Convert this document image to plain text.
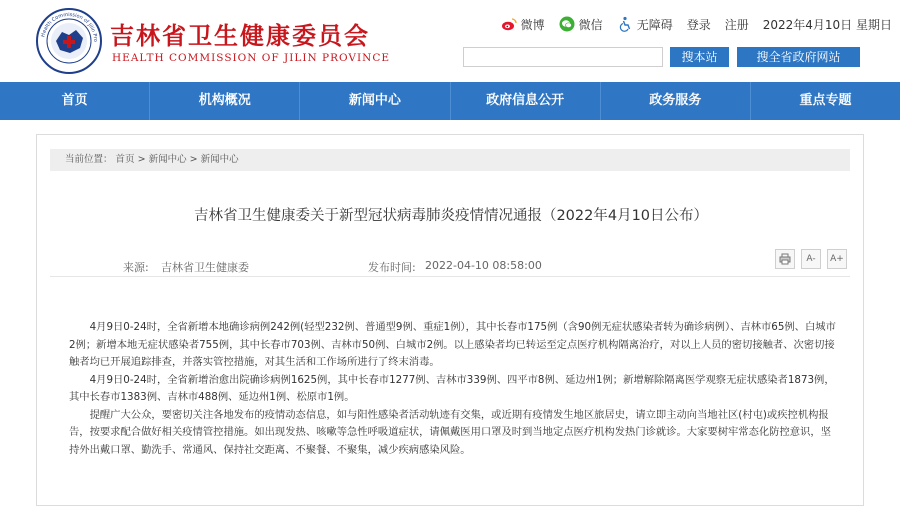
Health Commission of Jilin Pro 吉林省卫生健康委员会
HEALTH COMMISSION OF JILIN PROVINCE
微博	微信	无障碍 登录 注册 2022年4月10日 星期日
搜本站	搜全省政府网站
首页	机构概况	新闻中心	政府信息公开	政务服务	重点专题
当前位置： 首页 > 新闻中心 > 新闻中心
吉林省卫生健康委关于新型冠状病毒肺炎疫情情况通报（2022年4月10日公布）
来源: 吉林省卫生健康委	发布时间: 2022-04-10 08:58:00	A-	A+

4月9日0-24时，全省新增本地确诊病例242例(轻型232例、普通型9例、重症1例），其中长春市175例（含90例无症状感染者转为确诊病例）、吉林市65例、白城市2例；新增本地无症状感染者755例，其中长春市703例、吉林市50例、白城市2例。以上感染者均已转运至定点医疗机构隔离治疗，对以上人员的密切接触者、次密切接触者均已开展追踪排查，并落实管控措施，对其生活和工作场所进行了终末消毒。

4月9日0-24时，全省新增治愈出院确诊病例1625例，其中长春市1277例、吉林市339例、四平市8例、延边州1例；新增解除隔离医学观察无症状感染者1873例，其中长春市1383例、吉林市488例、延边州1例、松原市1例。

提醒广大公众，要密切关注各地发布的疫情动态信息，如与阳性感染者活动轨迹有交集，或近期有疫情发生地区旅居史，请立即主动向当地社区(村屯)或疾控机构报告，按要求配合做好相关疫情管控措施。如出现发热、咳嗽等急性呼吸道症状，请佩戴医用口罩及时到当地定点医疗机构发热门诊就诊。大家要树牢常态化防控意识，坚持外出戴口罩、勤洗手、常通风、保持社交距离、不聚餐、不聚集，减少疾病感染风险。
